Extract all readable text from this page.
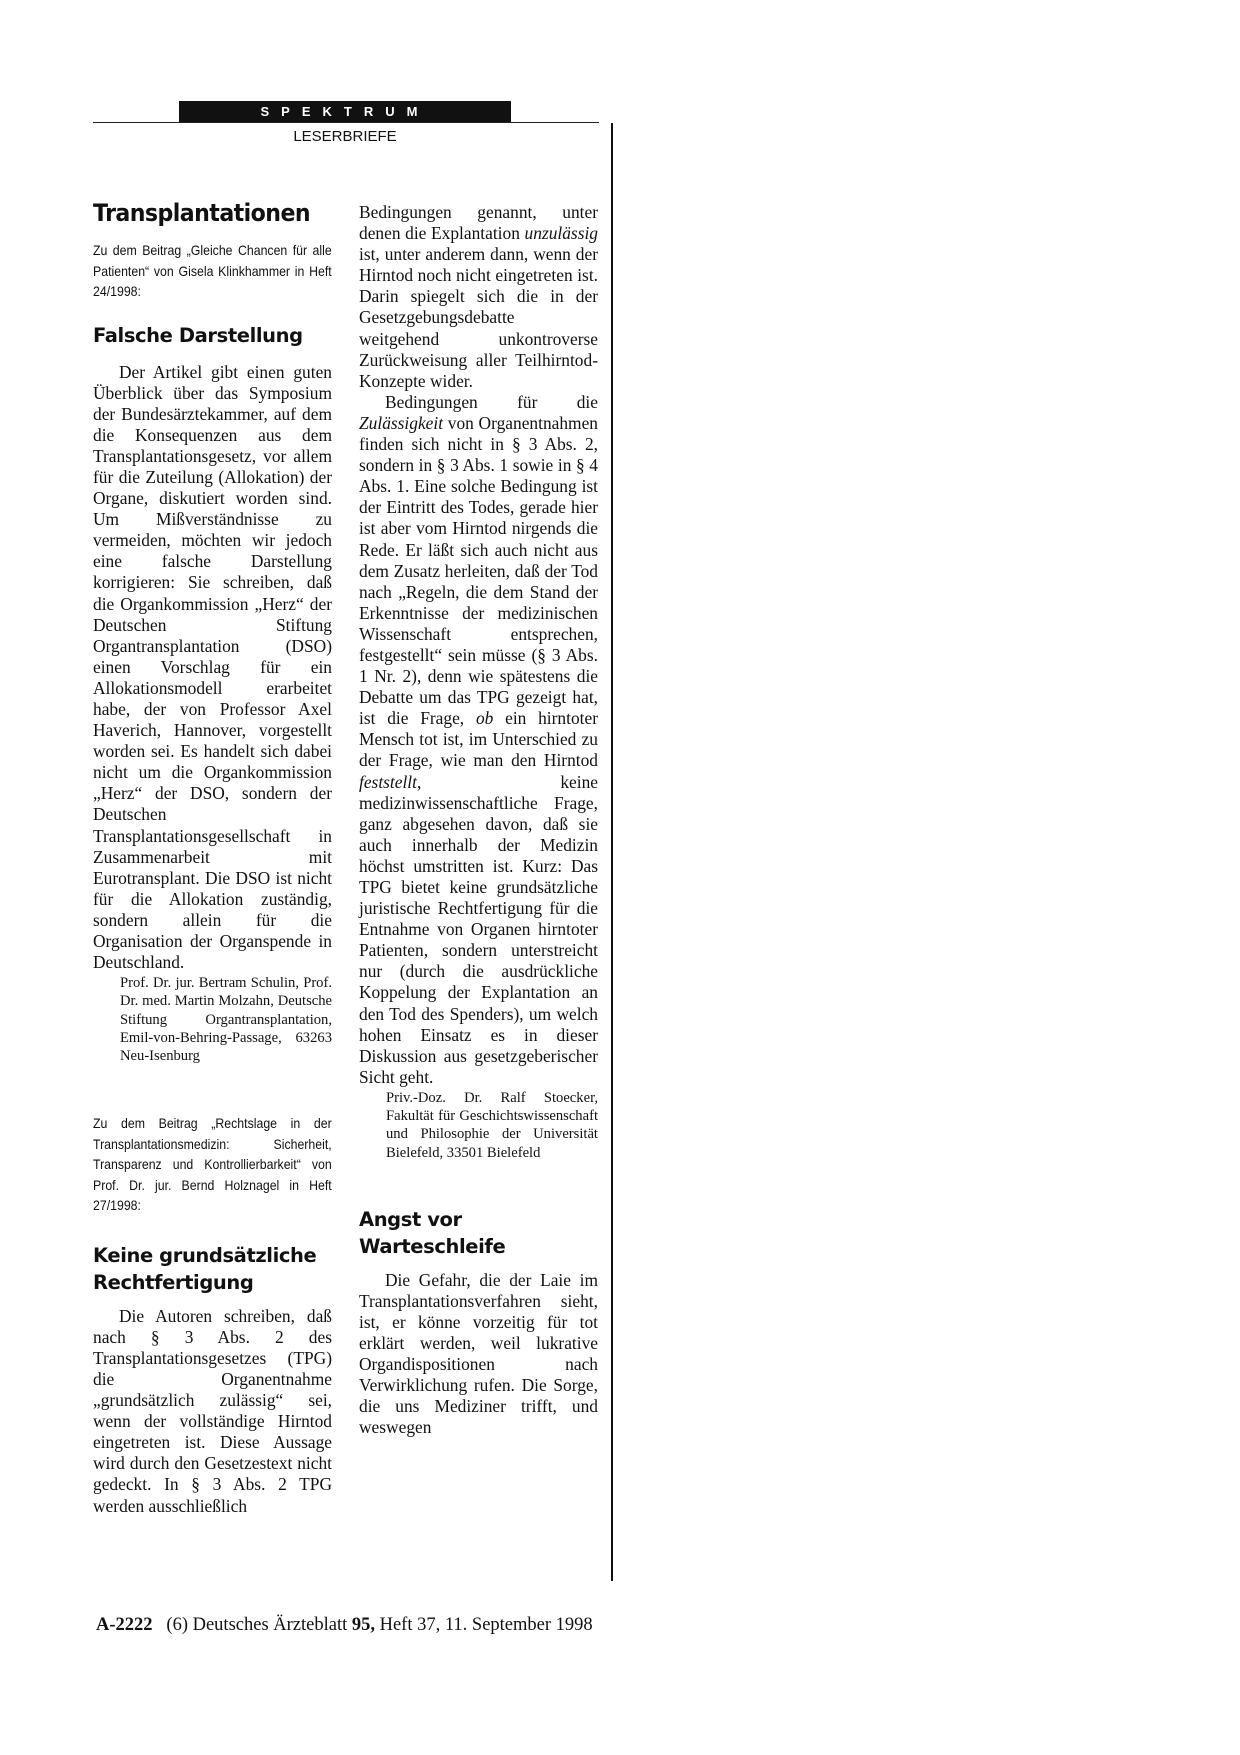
SPEKTRUM
LESERBRIEFE
Transplantationen

Zu dem Beitrag „Gleiche Chancen für alle Patienten“ von Gisela Klinkhammer in Heft 24/1998:

Falsche Darstellung

Der Artikel gibt einen guten Überblick über das Symposium der Bundesärztekammer, auf dem die Konsequenzen aus dem Transplantationsgesetz, vor allem für die Zuteilung (Allokation) der Organe, diskutiert worden sind. Um Mißverständnisse zu vermeiden, möchten wir jedoch eine falsche Darstellung korrigieren: Sie schreiben, daß die Organkommission „Herz“ der Deutschen Stiftung Organtransplantation (DSO) einen Vorschlag für ein Allokationsmodell erarbeitet habe, der von Professor Axel Haverich, Hannover, vorgestellt worden sei. Es handelt sich dabei nicht um die Organkommission „Herz“ der DSO, sondern der Deutschen Transplantationsgesellschaft in Zusammenarbeit mit Eurotransplant. Die DSO ist nicht für die Allokation zuständig, sondern allein für die Organisation der Organspende in Deutschland.

Prof. Dr. jur. Bertram Schulin, Prof. Dr. med. Martin Molzahn, Deutsche Stiftung Organtransplantation, Emil-von-Behring-Passage, 63263 Neu-Isenburg

Zu dem Beitrag „Rechtslage in der Transplantationsmedizin: Sicherheit, Transparenz und Kontrollierbarkeit“ von Prof. Dr. jur. Bernd Holznagel in Heft 27/1998:

Keine grundsätzliche
Rechtfertigung

Die Autoren schreiben, daß nach § 3 Abs. 2 des Transplantationsgesetzes (TPG) die Organentnahme „grundsätzlich zulässig“ sei, wenn der vollständige Hirntod eingetreten ist. Diese Aussage wird durch den Gesetzestext nicht gedeckt. In § 3 Abs. 2 TPG werden ausschließlich

Bedingungen genannt, unter denen die Explantation unzulässig ist, unter anderem dann, wenn der Hirntod noch nicht eingetreten ist. Darin spiegelt sich die in der Gesetzgebungsdebatte weitgehend unkontroverse Zurückweisung aller Teilhirntod-Konzepte wider.

Bedingungen für die Zulässigkeit von Organentnahmen finden sich nicht in § 3 Abs. 2, sondern in § 3 Abs. 1 sowie in § 4 Abs. 1. Eine solche Bedingung ist der Eintritt des Todes, gerade hier ist aber vom Hirntod nirgends die Rede. Er läßt sich auch nicht aus dem Zusatz herleiten, daß der Tod nach „Regeln, die dem Stand der Erkenntnisse der medizinischen Wissenschaft entsprechen, festgestellt“ sein müsse (§ 3 Abs. 1 Nr. 2), denn wie spätestens die Debatte um das TPG gezeigt hat, ist die Frage, ob ein hirntoter Mensch tot ist, im Unterschied zu der Frage, wie man den Hirntod feststellt, keine medizinwissenschaftliche Frage, ganz abgesehen davon, daß sie auch innerhalb der Medizin höchst umstritten ist. Kurz: Das TPG bietet keine grundsätzliche juristische Rechtfertigung für die Entnahme von Organen hirntoter Patienten, sondern unterstreicht nur (durch die ausdrückliche Koppelung der Explantation an den Tod des Spenders), um welch hohen Einsatz es in dieser Diskussion aus gesetzgeberischer Sicht geht.

Priv.-Doz. Dr. Ralf Stoecker, Fakultät für Geschichtswissenschaft und Philosophie der Universität Bielefeld, 33501 Bielefeld

Angst vor
Warteschleife

Die Gefahr, die der Laie im Transplantationsverfahren sieht, ist, er könne vorzeitig für tot erklärt werden, weil lukrative Organdispositionen nach Verwirklichung rufen. Die Sorge, die uns Mediziner trifft, und weswegen

A-2222 (6) Deutsches Ärzteblatt 95, Heft 37, 11. September 1998
